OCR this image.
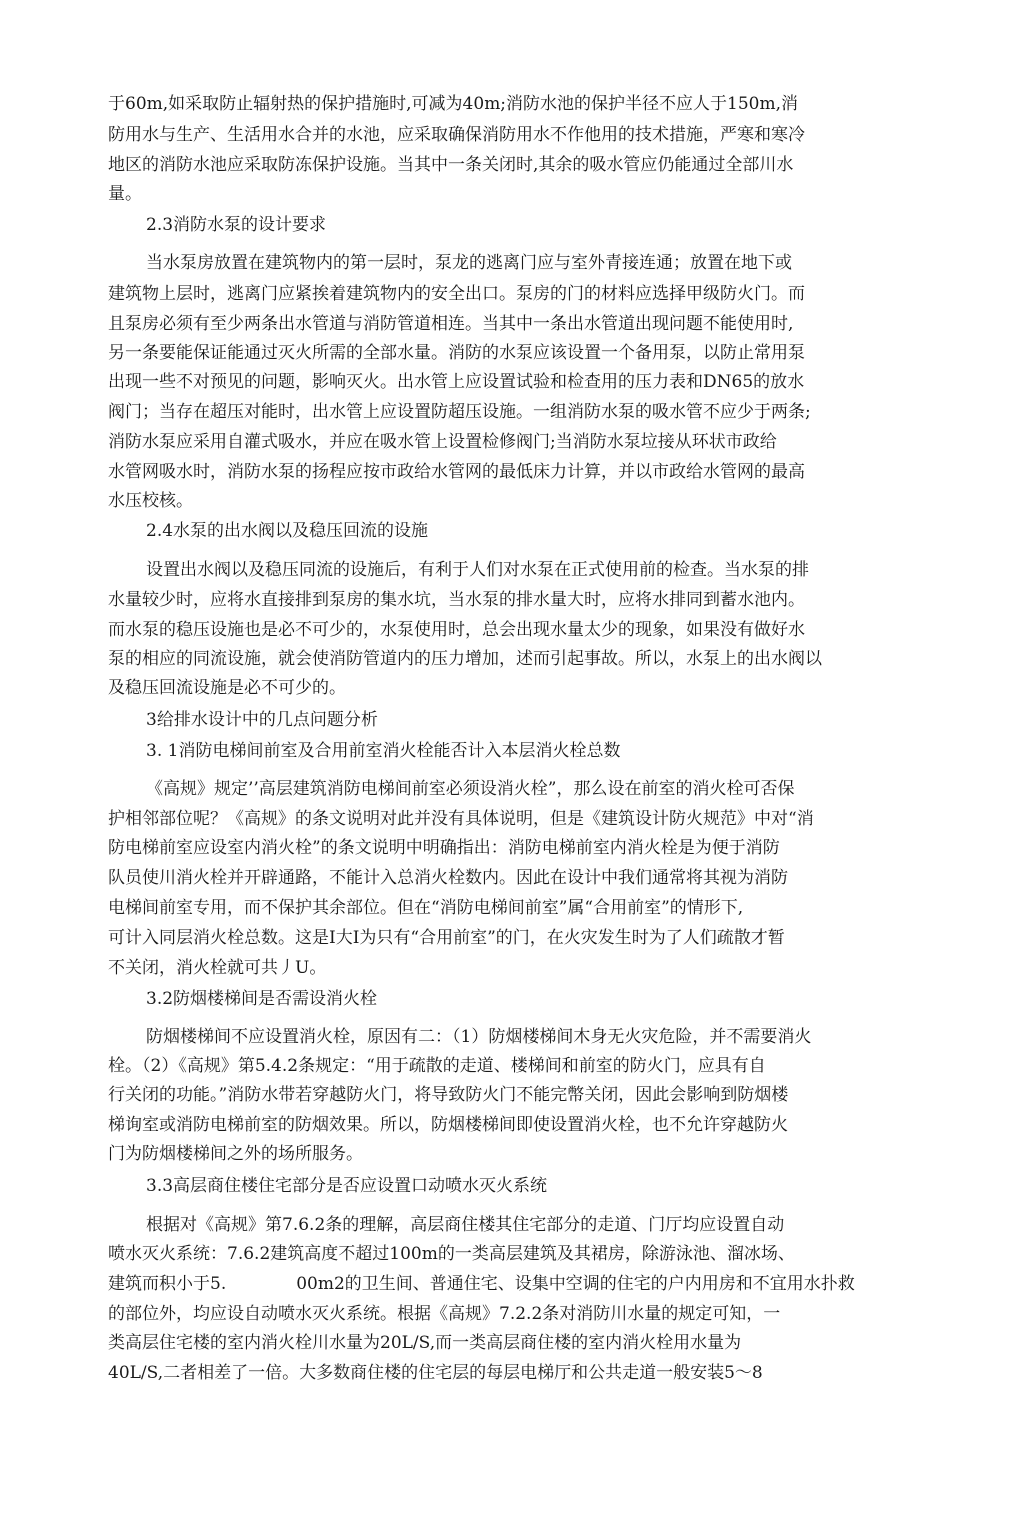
于60m,如采取防止辐射热的保护措施时,可减为40m;消防水池的保护半径不应人于150m,消
防用水与生产、生活用水合并的水池，应采取确保消防用水不作他用的技术措施，严寒和寒冷
地区的消防水池应采取防冻保护设施。当其中一条关闭时,其余的吸水管应仍能通过全部川水
量。
2.3消防水泵的设计要求
当水泵房放置在建筑物内的第一层时，泵龙的逃离门应与室外青接连通；放置在地下或
建筑物上层时，逃离门应紧挨着建筑物内的安全出口。泵房的门的材料应选择甲级防火门。而
且泵房必须有至少两条出水管道与消防管道相连。当其中一条出水管道出现问题不能使用时,
另一条要能保证能通过灭火所需的全部水量。消防的水泵应该设置一个备用泵，以防止常用泵
出现一些不对预见的问题，影响灭火。出水管上应设置试验和检查用的压力表和DN65的放水
阀门；当存在超压对能时，出水管上应设置防超压设施。一组消防水泵的吸水管不应少于两条;
消防水泵应采用自灌式吸水，并应在吸水管上设置检修阀门;当消防水泵垃接从环状市政给
水管网吸水时，消防水泵的扬程应按市政给水管网的最低床力计算，并以市政给水管网的最高
水压校核。
2.4水泵的出水阀以及稳压回流的设施
设置出水阀以及稳压同流的设施后，有利于人们对水泵在正式使用前的检查。当水泵的排
水量较少时，应将水直接排到泵房的集水坑，当水泵的排水量大时，应将水排同到蓄水池内。
而水泵的稳压设施也是必不可少的，水泵使用时，总会出现水量太少的现象，如果没有做好水
泵的相应的同流设施，就会使消防管道内的压力增加，述而引起事故。所以，水泵上的出水阀以
及稳压回流设施是必不可少的。
3给排水设计中的几点问题分析
3. 1消防电梯间前室及合用前室消火栓能否计入本层消火栓总数
《高规》规定’’高层建筑消防电梯间前室必须设消火栓”，那么设在前室的消火栓可否保
护相邻部位呢？《高规》的条文说明对此并没有具体说明，但是《建筑设计防火规范》中对“消
防电梯前室应设室内消火栓”的条文说明中明确指出：消防电梯前室内消火栓是为便于消防
队员使川消火栓并开辟通路，不能计入总消火栓数内。因此在设计中我们通常将其视为消防
电梯间前室专用，而不保护其余部位。但在“消防电梯间前室”属“合用前室”的情形下,
可计入同层消火栓总数。这是I大I为只有“合用前室”的门，在火灾发生时为了人们疏散才暂
不关闭，消火栓就可共丿U。
3.2防烟楼梯间是否需设消火栓
防烟楼梯间不应设置消火栓，原因有二：（1）防烟楼梯间木身无火灾危险，并不需要消火
栓。（2）《高规》第5.4.2条规定：“用于疏散的走道、楼梯间和前室的防火门，应具有自
行关闭的功能。”消防水带若穿越防火门，将导致防火门不能完幣关闭，因此会影响到防烟楼
梯询室或消防电梯前室的防烟效果。所以，防烟楼梯间即使设置消火栓，也不允许穿越防火
门为防烟楼梯间之外的场所服务。
3.3高层商住楼住宅部分是否应设置口动喷水灭火系统
根据对《高规》第7.6.2条的理解，高层商住楼其住宅部分的走道、门厅均应设置自动
喷水灭火系统：7.6.2建筑高度不超过100m的一类高层建筑及其裙房，除游泳池、溜冰场、
建筑而积小于5.	00m2的卫生间、普通住宅、设集中空调的住宅的户内用房和不宜用水扑救
的部位外，均应设自动喷水灭火系统。根据《高规》7.2.2条对消防川水量的规定可知，一
类高层住宅楼的室内消火栓川水量为20L/S,而一类高层商住楼的室内消火栓用水量为
40L/S,二者相差了一倍。大多数商住楼的住宅层的每层电梯厅和公共走道一般安装5〜8
